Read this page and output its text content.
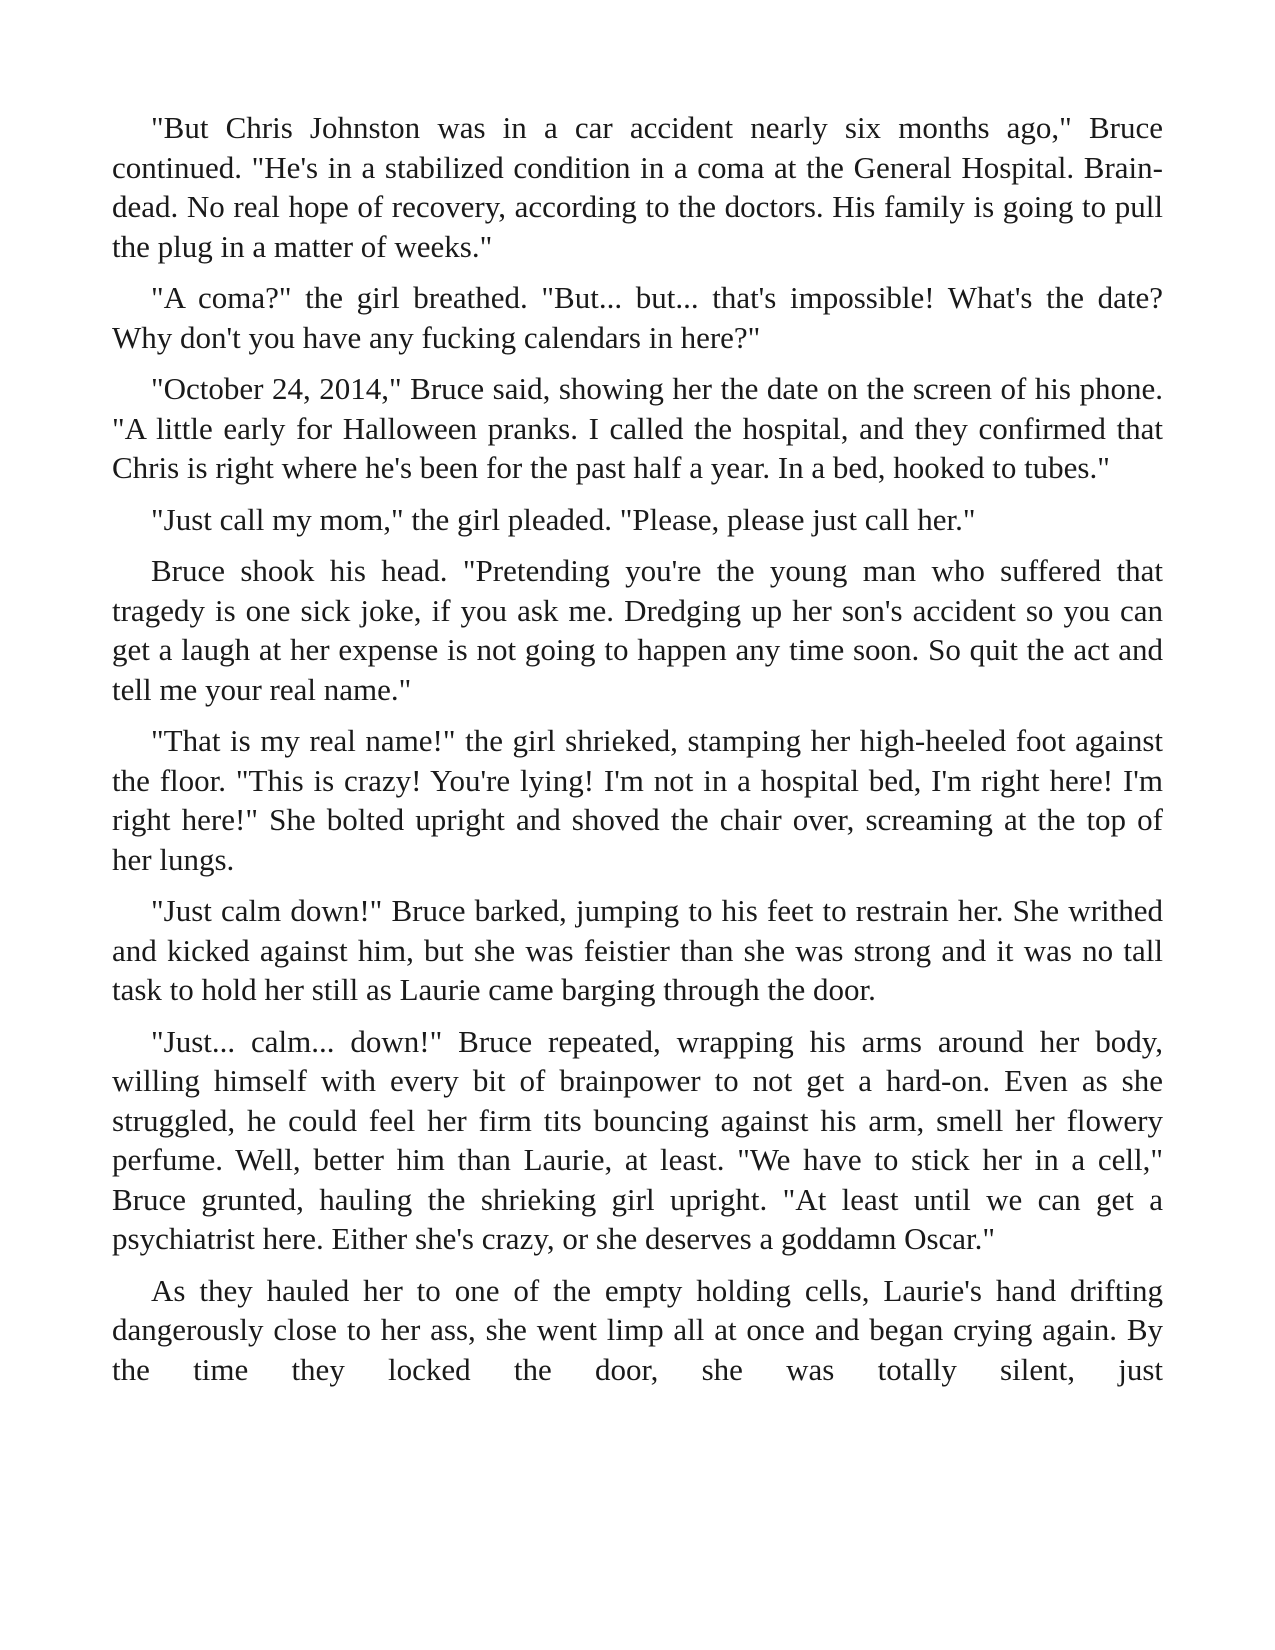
"But Chris Johnston was in a car accident nearly six months ago," Bruce continued. "He's in a stabilized condition in a coma at the General Hospital. Brain-dead. No real hope of recovery, according to the doctors. His family is going to pull the plug in a matter of weeks."

"A coma?" the girl breathed. "But... but... that's impossible! What's the date? Why don't you have any fucking calendars in here?"

"October 24, 2014," Bruce said, showing her the date on the screen of his phone. "A little early for Halloween pranks. I called the hospital, and they confirmed that Chris is right where he's been for the past half a year. In a bed, hooked to tubes."

"Just call my mom," the girl pleaded. "Please, please just call her."

Bruce shook his head. "Pretending you're the young man who suffered that tragedy is one sick joke, if you ask me. Dredging up her son's accident so you can get a laugh at her expense is not going to happen any time soon. So quit the act and tell me your real name."

"That is my real name!" the girl shrieked, stamping her high-heeled foot against the floor. "This is crazy! You're lying! I'm not in a hospital bed, I'm right here! I'm right here!" She bolted upright and shoved the chair over, screaming at the top of her lungs.

"Just calm down!" Bruce barked, jumping to his feet to restrain her. She writhed and kicked against him, but she was feistier than she was strong and it was no tall task to hold her still as Laurie came barging through the door.

"Just... calm... down!" Bruce repeated, wrapping his arms around her body, willing himself with every bit of brainpower to not get a hard-on. Even as she struggled, he could feel her firm tits bouncing against his arm, smell her flowery perfume. Well, better him than Laurie, at least. "We have to stick her in a cell," Bruce grunted, hauling the shrieking girl upright. "At least until we can get a psychiatrist here. Either she's crazy, or she deserves a goddamn Oscar."

As they hauled her to one of the empty holding cells, Laurie's hand drifting dangerously close to her ass, she went limp all at once and began crying again. By the time they locked the door, she was totally silent, just
